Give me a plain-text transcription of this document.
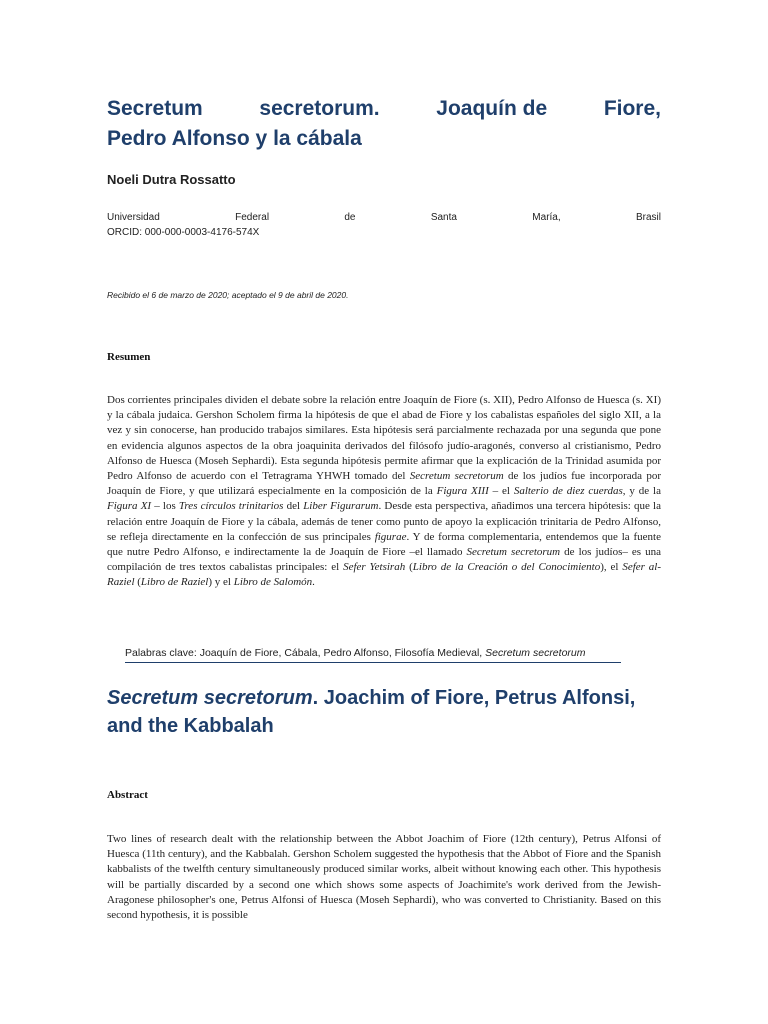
Secretum	secretorum.	Joaquín de	Fiore,
Pedro Alfonso y la cábala
Noeli Dutra Rossatto
Universidad	Federal	de	Santa	María,	Brasil
ORCID: 000-000-0003-4176-574X
Recibido el 6 de marzo de 2020; aceptado el 9 de abril de 2020.
Resumen
Dos corrientes principales dividen el debate sobre la relación entre Joaquín de Fiore (s. XII), Pedro Alfonso de Huesca (s. XI) y la cábala judaica. Gershon Scholem firma la hipótesis de que el abad de Fiore y los cabalistas españoles del siglo XII, a la vez y sin conocerse, han producido trabajos similares. Esta hipótesis será parcialmente rechazada por una segunda que pone en evidencia algunos aspectos de la obra joaquinita derivados del filósofo judío-aragonés, converso al cristianismo, Pedro Alfonso de Huesca (Moseh Sephardi). Esta segunda hipótesis permite afirmar que la explicación de la Trinidad asumida por Pedro Alfonso de acuerdo con el Tetragrama YHWH tomado del Secretum secretorum de los judíos fue incorporada por Joaquín de Fiore, y que utilizará especialmente en la composición de la Figura XIII – el Salterio de diez cuerdas, y de la Figura XI – los Tres círculos trinitarios del Liber Figurarum. Desde esta perspectiva, añadimos una tercera hipótesis: que la relación entre Joaquín de Fiore y la cábala, además de tener como punto de apoyo la explicación trinitaria de Pedro Alfonso, se refleja directamente en la confección de sus principales figurae. Y de forma complementaria, entendemos que la fuente que nutre Pedro Alfonso, e indirectamente la de Joaquín de Fiore –el llamado Secretum secretorum de los judíos– es una compilación de tres textos cabalistas principales: el Sefer Yetsirah (Libro de la Creación o del Conocimiento), el Sefer al-Raziel (Libro de Raziel) y el Libro de Salomón.
Palabras clave: Joaquín de Fiore, Cábala, Pedro Alfonso, Filosofía Medieval, Secretum secretorum
Secretum secretorum. Joachim of Fiore, Petrus Alfonsi, and the Kabbalah
Abstract
Two lines of research dealt with the relationship between the Abbot Joachim of Fiore (12th century), Petrus Alfonsi of Huesca (11th century), and the Kabbalah. Gershon Scholem suggested the hypothesis that the Abbot of Fiore and the Spanish kabbalists of the twelfth century simultaneously produced similar works, albeit without knowing each other. This hypothesis will be partially discarded by a second one which shows some aspects of Joachimite's work derived from the Jewish-Aragonese philosopher's one, Petrus Alfonsi of Huesca (Moseh Sephardi), who was converted to Christianity. Based on this second hypothesis, it is possible
